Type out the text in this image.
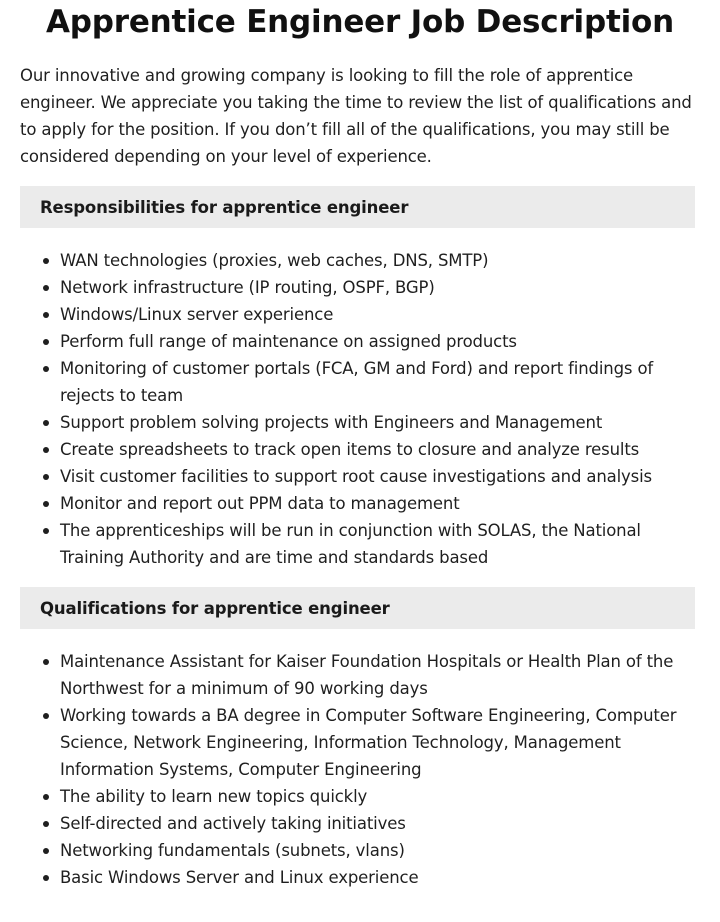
Apprentice Engineer Job Description

Our innovative and growing company is looking to fill the role of apprentice engineer. We appreciate you taking the time to review the list of qualifications and to apply for the position. If you don’t fill all of the qualifications, you may still be considered depending on your level of experience.

Responsibilities for apprentice engineer
WAN technologies (proxies, web caches, DNS, SMTP)
Network infrastructure (IP routing, OSPF, BGP)
Windows/Linux server experience
Perform full range of maintenance on assigned products
Monitoring of customer portals (FCA, GM and Ford) and report findings of rejects to team
Support problem solving projects with Engineers and Management
Create spreadsheets to track open items to closure and analyze results
Visit customer facilities to support root cause investigations and analysis
Monitor and report out PPM data to management
The apprenticeships will be run in conjunction with SOLAS, the National Training Authority and are time and standards based
Qualifications for apprentice engineer
Maintenance Assistant for Kaiser Foundation Hospitals or Health Plan of the Northwest for a minimum of 90 working days
Working towards a BA degree in Computer Software Engineering, Computer Science, Network Engineering, Information Technology, Management Information Systems, Computer Engineering
The ability to learn new topics quickly
Self-directed and actively taking initiatives
Networking fundamentals (subnets, vlans)
Basic Windows Server and Linux experience
